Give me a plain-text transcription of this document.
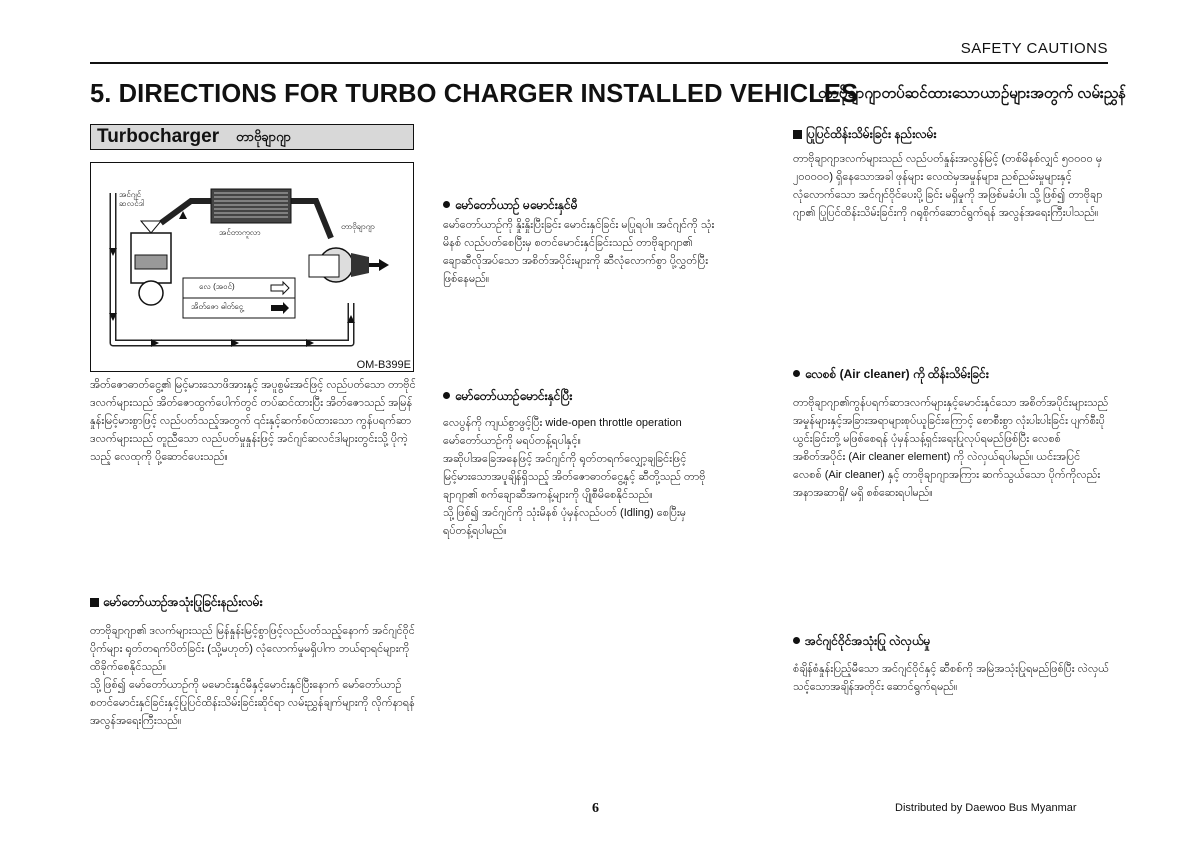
SAFETY CAUTIONS
5. DIRECTIONS FOR TURBO CHARGER INSTALLED VEHICLES
တာဗိုချာဂျာတပ်ဆင်ထားသောယာဉ်များအတွက် လမ်းညွှန်
Turbocharger တာဗိုချာဂျာ
အင်ဂျင် ဆလင်ဒါ
အင်တာကူလာ
တာဗိုချာဂျာ
လေ (အဝင်)
အိတ်ဇော ဓါတ်ငွေ့
OM-B399E

အိတ်ဇောဓာတ်ငွေ့၏ မြင့်မားသောဖိအားနှင့် အပူစွမ်းအင်ဖြင့် လည်ပတ်သော တာဗိုင်ဒလက်များသည် အိတ်ဇောထွက်ပေါက်တွင် တပ်ဆင်ထားပြီး အိတ်ဇောသည် အမြန်နှုန်းမြင့်မားစွာဖြင့် လည်ပတ်သည့်အတွက် ၎င်းနှင့်ဆက်စပ်ထားသော ကွန်ပရက်ဆာဒလက်များသည် တူညီသော လည်ပတ်မှုနှုန်းဖြင့် အင်ဂျင်ဆလင်ဒါများတွင်းသို့ ပိုကဲ့သည့် လေထုကို ပို့ဆောင်ပေးသည်။

မော်တော်ယာဉ်အသုံးပြုခြင်းနည်းလမ်း

တာဗိုချာဂျာ၏ ဒလက်များသည် မြန်နှုန်းမြင့်စွာဖြင့်လည်ပတ်သည့်နောက် အင်ဂျင်ဝိုင်ပိုက်များ ရုတ်တရက်ပိတ်ခြင်း (သို့မဟုတ်) လုံလောက်မှုမရှိပါက ဘယ်ရာရင်များကို ထိခိုက်စေနိုင်သည်။

သို့ဖြစ်၍ မော်တော်ယာဉ်ကို မမောင်းနှင်မီနှင့်မောင်းနှင်ပြီးနောက် မော်တော်ယာဉ်စတင်မောင်းနှင်ခြင်းနှင့်ပြုပြင်ထိန်းသိမ်းခြင်းဆိုင်ရာ လမ်းညွှန်ချက်များကို လိုက်နာရန်အလွန်အရေးကြီးသည်။

မော်တော်ယာဉ် မမောင်းနှင်မီ

မော်တော်ယာဉ်ကို နှိုးနှိုးပြီးခြင်း မောင်းနှင်ခြင်း မပြုရပါ။ အင်ဂျင်ကို သုံးမိနစ် လည်ပတ်စေပြီးမှ စတင်မောင်းနှင်ခြင်းသည် တာဗိုချာဂျာ၏ ချောဆီလိုအပ်သော အစိတ်အပိုင်းများကို ဆီလုံလောက်စွာ ပို့လွှတ်ပြီးဖြစ်နေမည်။

မော်တော်ယာဉ်မောင်းနှင်ပြီး

လေပွန်ကို ကျယ်စွာဖွင့်ပြီး wide-open throttle operation မော်တော်ယာဉ်ကို မရပ်တန့်ရပါနှင့်။

အဆိုပါအခြေအနေဖြင့် အင်ဂျင်ကို ရုတ်တရက်လျှော့ချခြင်းဖြင့် မြင့်မားသောအပူချိန်ရှိသည့် အိတ်ဇောဓာတ်ငွေ့နှင့် ဆီတို့သည် တာဗိုချာဂျာ၏ စက်ချောဆီအကန့်များကို ပျိုစီမိစေနိုင်သည်။

သို့ဖြစ်၍ အင်ဂျင်ကို သုံးမိနစ် ပုံမှန်လည်ပတ် (Idling) စေပြီးမှ ရပ်တန့်ရပါမည်။

ပြုပြင်ထိန်းသိမ်းခြင်း နည်းလမ်း

တာဗိုချာဂျာဒလက်များသည် လည်ပတ်နှုန်းအလွန်မြင့် (တစ်မိနစ်လျှင် ၅၀၀၀၀ မှ ၂၀၀၀၀၀) ရှိနေသောအခါ ဖုန်များ လေထဲမှအမှုန်များ၊ ညစ်ညမ်းမှုများနှင့် လုံလောက်သော အင်ဂျင်ဝိုင်ပေးပို့ခြင်း မရှိမှုကို အဖြစ်မခံပါ။ သို့ဖြစ်၍ တာဗိုချာဂျာ၏ ပြုပြင်ထိန်းသိမ်းခြင်းကို ဂရုစိုက်ဆောင်ရွက်ရန် အလွန်အရေးကြီးပါသည်။

လေစစ် (Air cleaner) ကို ထိန်းသိမ်းခြင်း

တာဗိုချာဂျာ၏ကွန်ပရက်ဆာဒလက်များနှင့်မောင်းနှင်သော အစိတ်အပိုင်းများသည် အမှုန်များနှင့်အခြားအရာများစုပ်ယူခြင်းကြောင့် စောစီးစွာ လုံးပါးပါးခြင်း ပျက်စီးပိုယွင်းခြင်းတို့ မဖြစ်စေရန် ပုံမှန်သန့်ရှင်းရေးပြုလုပ်ရမည်ဖြစ်ပြီး လေစစ်အစိတ်အပိုင်း (Air cleaner element) ကို လဲလှယ်ရပါမည်။ ယင်းအပြင် လေစစ် (Air cleaner) နှင့် တာဗိုချာဂျာအကြား ဆက်သွယ်သော ပိုက်ကိုလည်း အနာအဆာရှိ/ မရှိ စစ်ဆေးရပါမည်။

အင်ဂျင်ဝိုင်အသုံးပြု လဲလှယ်မှု

စံချိန်စံနှုန်းပြည့်မီသော အင်ဂျင်ဝိုင်နှင့် ဆီစစ်ကို အမြဲအသုံးပြုရမည်ဖြစ်ပြီး လဲလှယ်သင့်သောအချိန်အတိုင်း ဆောင်ရွက်ရမည်။

6	Distributed by Daewoo Bus Myanmar
